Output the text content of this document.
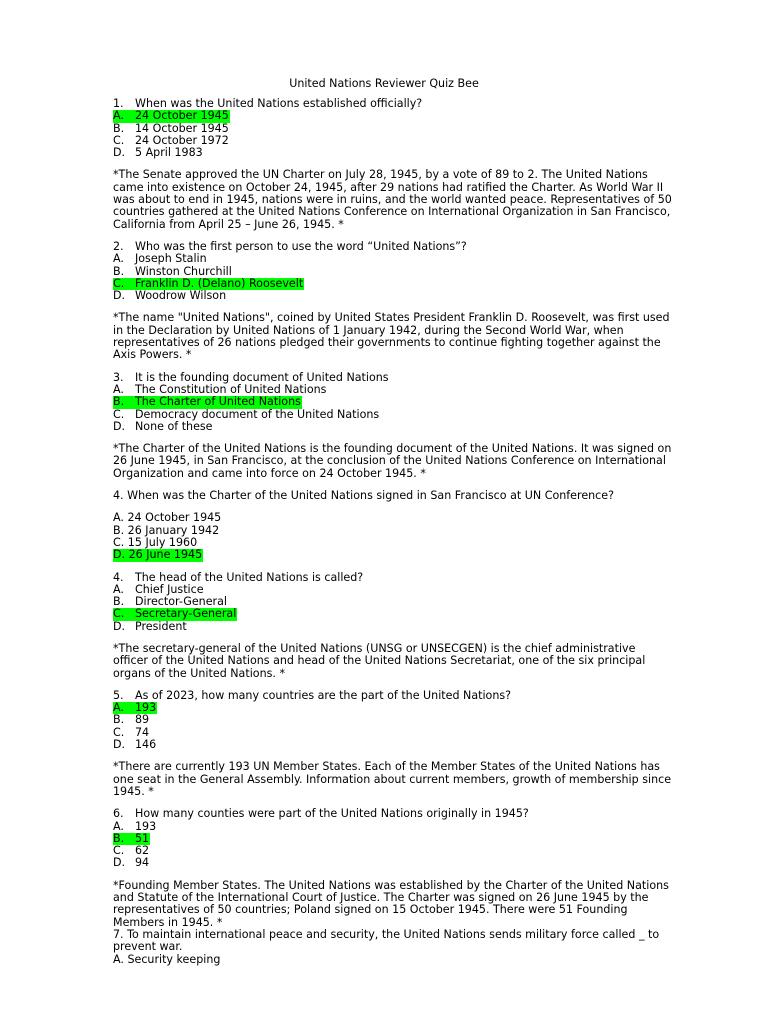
United Nations Reviewer Quiz Bee
1. When was the United Nations established officially?
A. 24 October 1945
B. 14 October 1945
C. 24 October 1972
D. 5 April 1983
*The Senate approved the UN Charter on July 28, 1945, by a vote of 89 to 2. The United Nations came into existence on October 24, 1945, after 29 nations had ratified the Charter. As World War II was about to end in 1945, nations were in ruins, and the world wanted peace. Representatives of 50 countries gathered at the United Nations Conference on International Organization in San Francisco, California from April 25 – June 26, 1945. *
2. Who was the first person to use the word “United Nations”?
A. Joseph Stalin
B. Winston Churchill
C. Franklin D. (Delano) Roosevelt
D. Woodrow Wilson
*The name "United Nations", coined by United States President Franklin D. Roosevelt, was first used in the Declaration by United Nations of 1 January 1942, during the Second World War, when representatives of 26 nations pledged their governments to continue fighting together against the Axis Powers. *
3. It is the founding document of United Nations
A. The Constitution of United Nations
B. The Charter of United Nations
C. Democracy document of the United Nations
D. None of these
*The Charter of the United Nations is the founding document of the United Nations. It was signed on 26 June 1945, in San Francisco, at the conclusion of the United Nations Conference on International Organization and came into force on 24 October 1945. *
4. When was the Charter of the United Nations signed in San Francisco at UN Conference?
A. 24 October 1945
B. 26 January 1942
C. 15 July 1960
D. 26 June 1945
4. The head of the United Nations is called?
A. Chief Justice
B. Director-General
C. Secretary-General
D. President
*The secretary-general of the United Nations (UNSG or UNSECGEN) is the chief administrative officer of the United Nations and head of the United Nations Secretariat, one of the six principal organs of the United Nations. *
5. As of 2023, how many countries are the part of the United Nations?
A. 193
B. 89
C. 74
D. 146
*There are currently 193 UN Member States. Each of the Member States of the United Nations has one seat in the General Assembly. Information about current members, growth of membership since 1945. *
6. How many counties were part of the United Nations originally in 1945?
A. 193
B. 51
C. 62
D. 94
*Founding Member States. The United Nations was established by the Charter of the United Nations and Statute of the International Court of Justice. The Charter was signed on 26 June 1945 by the representatives of 50 countries; Poland signed on 15 October 1945. There were 51 Founding Members in 1945. *
7. To maintain international peace and security, the United Nations sends military force called _ to prevent war.
A. Security keeping
